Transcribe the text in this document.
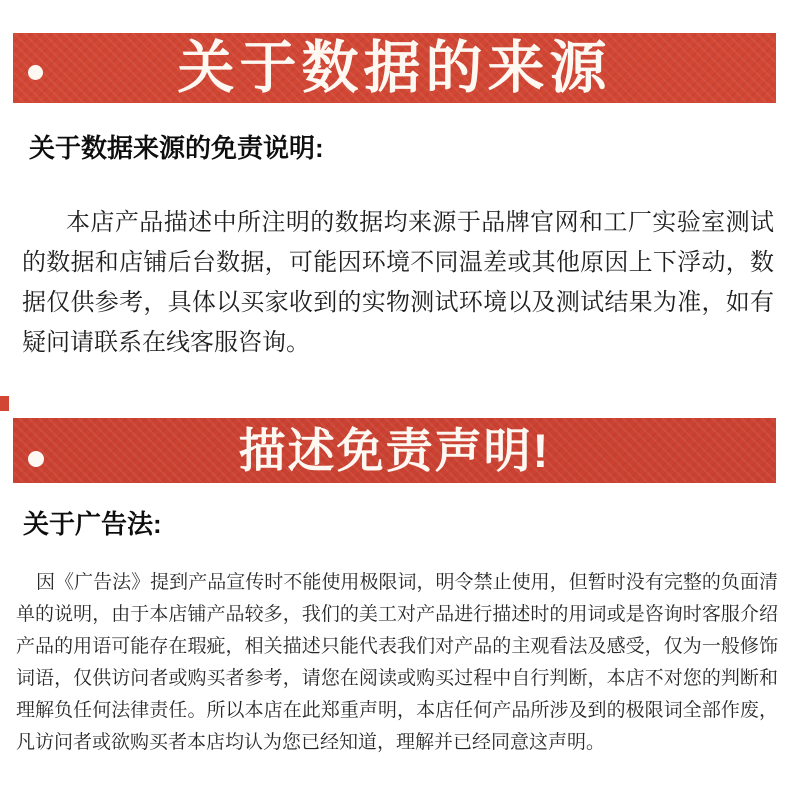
关于数据的来源
关于数据来源的免责说明:
本店产品描述中所注明的数据均来源于品牌官网和工厂实验室测试的数据和店铺后台数据，可能因环境不同温差或其他原因上下浮动，数据仅供参考，具体以买家收到的实物测试环境以及测试结果为准，如有疑问请联系在线客服咨询。
描述免责声明!
关于广告法:
因《广告法》提到产品宣传时不能使用极限词，明令禁止使用，但暂时没有完整的负面清单的说明，由于本店铺产品较多，我们的美工对产品进行描述时的用词或是咨询时客服介绍产品的用语可能存在瑕疵，相关描述只能代表我们对产品的主观看法及感受，仅为一般修饰词语，仅供访问者或购买者参考，请您在阅读或购买过程中自行判断，本店不对您的判断和理解负任何法律责任。所以本店在此郑重声明，本店任何产品所涉及到的极限词全部作废，凡访问者或欲购买者本店均认为您已经知道，理解并已经同意这声明。
